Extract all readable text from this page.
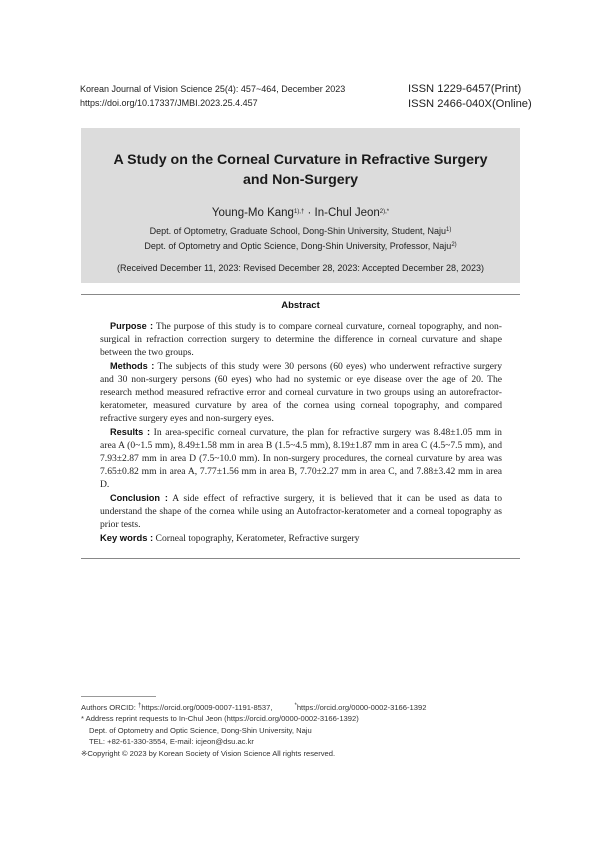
Korean Journal of Vision Science 25(4): 457~464, December 2023
https://doi.org/10.17337/JMBI.2023.25.4.457
ISSN 1229-6457(Print)
ISSN 2466-040X(Online)
A Study on the Corneal Curvature in Refractive Surgery and Non-Surgery
Young-Mo Kang$^{1),\dagger}$ · In-Chul Jeon$^{2),*}$
Dept. of Optometry, Graduate School, Dong-Shin University, Student, Naju$^{1)}$
Dept. of Optometry and Optic Science, Dong-Shin University, Professor, Naju$^{2)}$
(Received December 11, 2023: Revised December 28, 2023: Accepted December 28, 2023)
Abstract

Purpose : The purpose of this study is to compare corneal curvature, corneal topography, and non-surgical in refraction correction surgery to determine the difference in corneal curvature and shape between the two groups.

Methods : The subjects of this study were 30 persons (60 eyes) who underwent refractive surgery and 30 non-surgery persons (60 eyes) who had no systemic or eye disease over the age of 20. The research method measured refractive error and corneal curvature in two groups using an autorefractor-keratometer, measured curvature by area of the cornea using corneal topography, and compared refractive surgery eyes and non-surgery eyes.

Results : In area-specific corneal curvature, the plan for refractive surgery was 8.48±1.05 mm in area A (0~1.5 mm), 8.49±1.58 mm in area B (1.5~4.5 mm), 8.19±1.87 mm in area C (4.5~7.5 mm), and 7.93±2.87 mm in area D (7.5~10.0 mm). In non-surgery procedures, the corneal curvature by area was 7.65±0.82 mm in area A, 7.77±1.56 mm in area B, 7.70±2.27 mm in area C, and 7.88±3.42 mm in area D.

Conclusion : A side effect of refractive surgery, it is believed that it can be used as data to understand the shape of the cornea while using an Autofractor-keratometer and a corneal topography as prior tests.

Key words : Corneal topography, Keratometer, Refractive surgery
Authors ORCID: †https://orcid.org/0009-0007-1191-8537,	*https://orcid.org/0000-0002-3166-1392
* Address reprint requests to In-Chul Jeon (https://orcid.org/0000-0002-3166-1392)
Dept. of Optometry and Optic Science, Dong-Shin University, Naju
TEL: +82-61-330-3554, E-mail: icjeon@dsu.ac.kr
※Copyright © 2023 by Korean Society of Vision Science All rights reserved.
